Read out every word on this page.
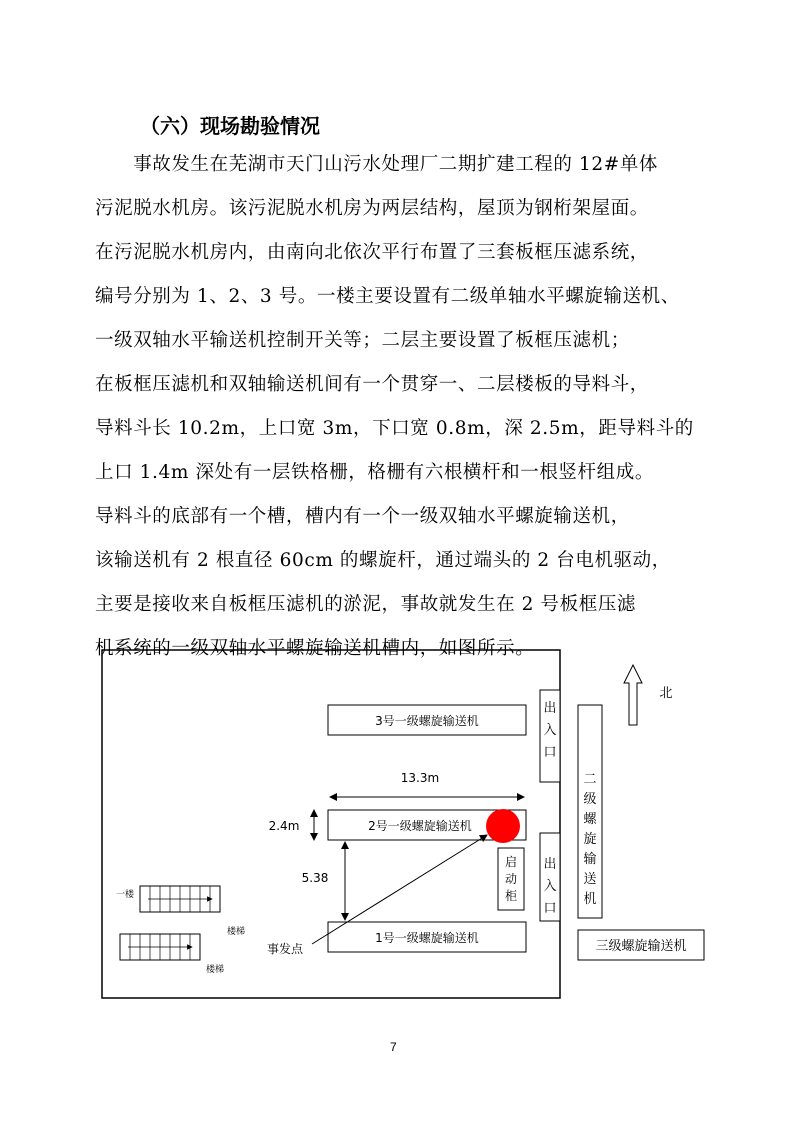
（六）现场勘验情况
　　事故发生在芜湖市天门山污水处理厂二期扩建工程的 12#单体
污泥脱水机房。该污泥脱水机房为两层结构，屋顶为钢桁架屋面。
在污泥脱水机房内，由南向北依次平行布置了三套板框压滤系统，
编号分别为 1、2、3 号。一楼主要设置有二级单轴水平螺旋输送机、
一级双轴水平输送机控制开关等；二层主要设置了板框压滤机；
在板框压滤机和双轴输送机间有一个贯穿一、二层楼板的导料斗，
导料斗长 10.2m，上口宽 3m，下口宽 0.8m，深 2.5m，距导料斗的
上口 1.4m 深处有一层铁格栅，格栅有六根横杆和一根竖杆组成。
导料斗的底部有一个槽，槽内有一个一级双轴水平螺旋输送机，
该输送机有 2 根直径 60cm 的螺旋杆，通过端头的 2 台电机驱动，
主要是接收来自板框压滤机的淤泥，事故就发生在 2 号板框压滤
机系统的一级双轴水平螺旋输送机槽内，如图所示。
3号一级螺旋输送机
2号一级螺旋输送机
1号一级螺旋输送机
13.3m
2.4m
5.38
事发点
出
入
口
出
入
口
启
动
柜
二
级
螺
旋
输
送
机
三级螺旋输送机
北
一楼
楼梯
楼梯
7
